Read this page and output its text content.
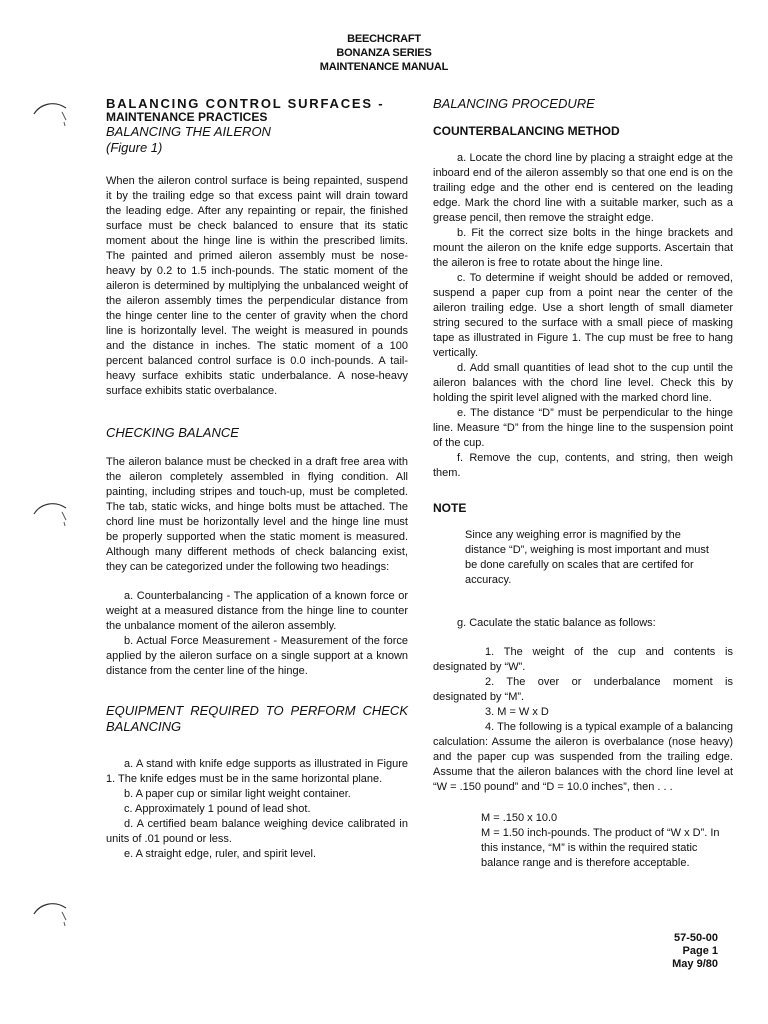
BEECHCRAFT
BONANZA SERIES
MAINTENANCE MANUAL

BALANCING CONTROL SURFACES -

MAINTENANCE PRACTICES

BALANCING THE AILERON

(Figure 1)

When the aileron control surface is being repainted, suspend it by the trailing edge so that excess paint will drain toward the leading edge. After any repainting or repair, the finished surface must be check balanced to ensure that its static moment about the hinge line is within the prescribed limits. The painted and primed aileron assembly must be nose-heavy by 0.2 to 1.5 inch-pounds. The static moment of the aileron is determined by multiplying the unbalanced weight of the aileron assembly times the perpendicular distance from the hinge center line to the center of gravity when the chord line is horizontally level. The weight is measured in pounds and the distance in inches. The static moment of a 100 percent balanced control surface is 0.0 inch-pounds. A tail-heavy surface exhibits static underbalance. A nose-heavy surface exhibits static overbalance.

CHECKING BALANCE

The aileron balance must be checked in a draft free area with the aileron completely assembled in flying condition. All painting, including stripes and touch-up, must be completed. The tab, static wicks, and hinge bolts must be attached. The chord line must be horizontally level and the hinge line must be properly supported when the static moment is measured. Although many different methods of check balancing exist, they can be categorized under the following two headings:

a. Counterbalancing - The application of a known force or weight at a measured distance from the hinge line to counter the unbalance moment of the aileron assembly.

b. Actual Force Measurement - Measurement of the force applied by the aileron surface on a single support at a known distance from the center line of the hinge.

EQUIPMENT REQUIRED TO PERFORM CHECK BALANCING

a. A stand with knife edge supports as illustrated in Figure 1. The knife edges must be in the same horizontal plane.

b. A paper cup or similar light weight container.

c. Approximately 1 pound of lead shot.

d. A certified beam balance weighing device calibrated in units of .01 pound or less.

e. A straight edge, ruler, and spirit level.

BALANCING PROCEDURE

COUNTERBALANCING METHOD

a. Locate the chord line by placing a straight edge at the inboard end of the aileron assembly so that one end is on the trailing edge and the other end is centered on the leading edge. Mark the chord line with a suitable marker, such as a grease pencil, then remove the straight edge.

b. Fit the correct size bolts in the hinge brackets and mount the aileron on the knife edge supports. Ascertain that the aileron is free to rotate about the hinge line.

c. To determine if weight should be added or removed, suspend a paper cup from a point near the center of the aileron trailing edge. Use a short length of small diameter string secured to the surface with a small piece of masking tape as illustrated in Figure 1. The cup must be free to hang vertically.

d. Add small quantities of lead shot to the cup until the aileron balances with the chord line level. Check this by holding the spirit level aligned with the marked chord line.

e. The distance “D” must be perpendicular to the hinge line. Measure “D” from the hinge line to the suspension point of the cup.

f. Remove the cup, contents, and string, then weigh them.

NOTE

Since any weighing error is magnified by the distance “D”, weighing is most important and must be done carefully on scales that are certifed for accuracy.

g. Caculate the static balance as follows:

1. The weight of the cup and contents is designated by “W”.

2. The over or underbalance moment is designated by “M”.

3. M = W x D

4. The following is a typical example of a balancing calculation: Assume the aileron is overbalance (nose heavy) and the paper cup was suspended from the trailing edge. Assume that the aileron balances with the chord line level at “W = .150 pound” and “D = 10.0 inches”, then . . .

M = .150 x 10.0

M = 1.50 inch-pounds. The product of “W x D”. In this instance, “M” is within the required static balance range and is therefore acceptable.

57-50-00
Page 1
May 9/80
